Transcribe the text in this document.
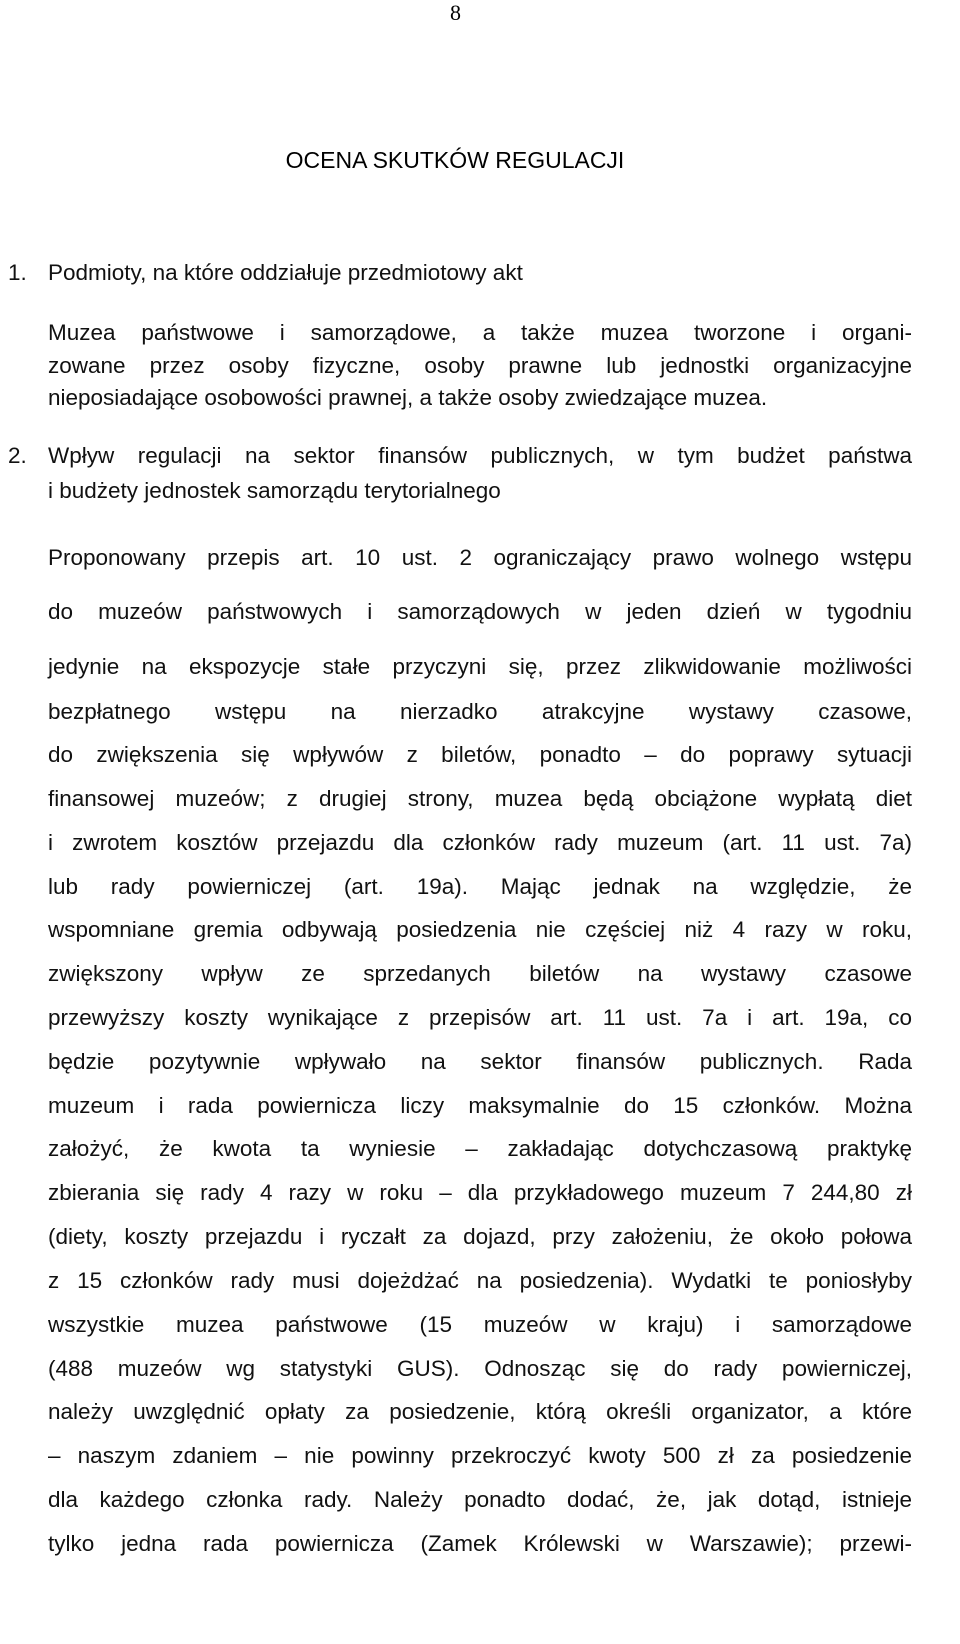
8
OCENA SKUTKÓW REGULACJI
1. Podmioty, na które oddziałuje przedmiotowy akt
Muzea państwowe i samorządowe, a także muzea tworzone i organi-
zowane przez osoby fizyczne, osoby prawne lub jednostki organizacyjne
nieposiadające osobowości prawnej, a także osoby zwiedzające muzea.
2. Wpływ regulacji na sektor finansów publicznych, w tym budżet państwa
i budżety jednostek samorządu terytorialnego
Proponowany przepis art. 10 ust. 2 ograniczający prawo wolnego wstępu
do muzeów państwowych i samorządowych w jeden dzień w tygodniu
jedynie na ekspozycje stałe przyczyni się, przez zlikwidowanie możliwości
bezpłatnego wstępu na nierzadko atrakcyjne wystawy czasowe,
do zwiększenia się wpływów z biletów, ponadto – do poprawy sytuacji
finansowej muzeów; z drugiej strony, muzea będą obciążone wypłatą diet
i zwrotem kosztów przejazdu dla członków rady muzeum (art. 11 ust. 7a)
lub rady powierniczej (art. 19a). Mając jednak na względzie, że
wspomniane gremia odbywają posiedzenia nie częściej niż 4 razy w roku,
zwiększony wpływ ze sprzedanych biletów na wystawy czasowe
przewyższy koszty wynikające z przepisów art. 11 ust. 7a i art. 19a, co
będzie pozytywnie wpływało na sektor finansów publicznych. Rada
muzeum i rada powiernicza liczy maksymalnie do 15 członków. Można
założyć, że kwota ta wyniesie – zakładając dotychczasową praktykę
zbierania się rady 4 razy w roku – dla przykładowego muzeum 7 244,80 zł
(diety, koszty przejazdu i ryczałt za dojazd, przy założeniu, że około połowa
z 15 członków rady musi dojeżdżać na posiedzenia). Wydatki te poniosłyby
wszystkie muzea państwowe (15 muzeów w kraju) i samorządowe
(488 muzeów wg statystyki GUS). Odnosząc się do rady powierniczej,
należy uwzględnić opłaty za posiedzenie, którą określi organizator, a które
– naszym zdaniem – nie powinny przekroczyć kwoty 500 zł za posiedzenie
dla każdego członka rady. Należy ponadto dodać, że, jak dotąd, istnieje
tylko jedna rada powiernicza (Zamek Królewski w Warszawie); przewi-
